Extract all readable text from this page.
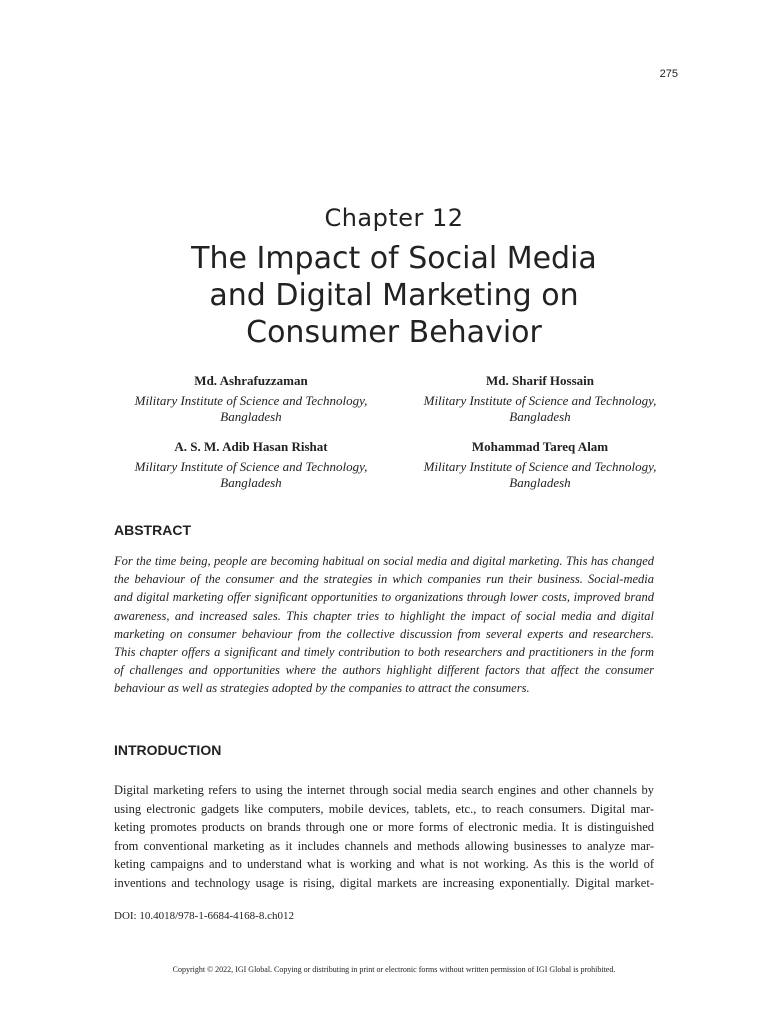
275
Chapter 12
The Impact of Social Media
and Digital Marketing on
Consumer Behavior
Md. Ashrafuzzaman
Military Institute of Science and Technology,
Bangladesh
Md. Sharif Hossain
Military Institute of Science and Technology,
Bangladesh
A. S. M. Adib Hasan Rishat
Military Institute of Science and Technology,
Bangladesh
Mohammad Tareq Alam
Military Institute of Science and Technology,
Bangladesh
ABSTRACT
For the time being, people are becoming habitual on social media and digital marketing. This has changed
the behaviour of the consumer and the strategies in which companies run their business. Social-media
and digital marketing offer significant opportunities to organizations through lower costs, improved brand
awareness, and increased sales. This chapter tries to highlight the impact of social media and digital
marketing on consumer behaviour from the collective discussion from several experts and researchers.
This chapter offers a significant and timely contribution to both researchers and practitioners in the form
of challenges and opportunities where the authors highlight different factors that affect the consumer
behaviour as well as strategies adopted by the companies to attract the consumers.
INTRODUCTION
Digital marketing refers to using the internet through social media search engines and other channels by
using electronic gadgets like computers, mobile devices, tablets, etc., to reach consumers. Digital mar-
keting promotes products on brands through one or more forms of electronic media. It is distinguished
from conventional marketing as it includes channels and methods allowing businesses to analyze mar-
keting campaigns and to understand what is working and what is not working. As this is the world of
inventions and technology usage is rising, digital markets are increasing exponentially. Digital market-
DOI: 10.4018/978-1-6684-4168-8.ch012
Copyright © 2022, IGI Global. Copying or distributing in print or electronic forms without written permission of IGI Global is prohibited.
